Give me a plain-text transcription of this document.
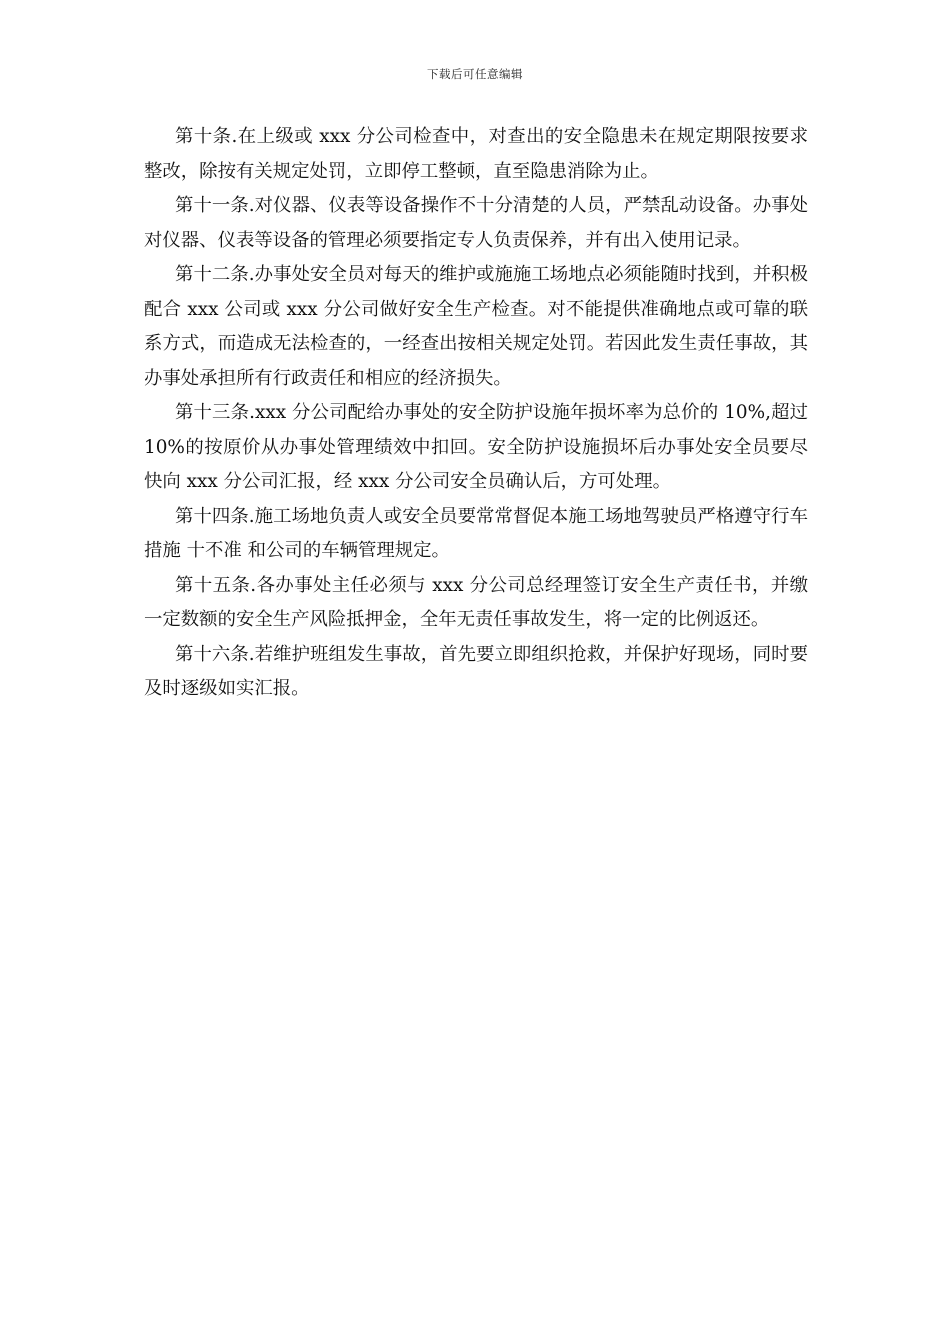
下载后可任意编辑

第十条.在上级或 xxx 分公司检查中，对查出的安全隐患未在规定期限按要求整改，除按有关规定处罚，立即停工整顿，直至隐患消除为止。

第十一条.对仪器、仪表等设备操作不十分清楚的人员，严禁乱动设备。办事处对仪器、仪表等设备的管理必须要指定专人负责保养，并有出入使用记录。

第十二条.办事处安全员对每天的维护或施施工场地点必须能随时找到，并积极配合 xxx 公司或 xxx 分公司做好安全生产检查。对不能提供准确地点或可靠的联系方式，而造成无法检查的，一经查出按相关规定处罚。若因此发生责任事故，其办事处承担所有行政责任和相应的经济损失。

第十三条.xxx 分公司配给办事处的安全防护设施年损坏率为总价的 10%,超过 10%的按原价从办事处管理绩效中扣回。安全防护设施损坏后办事处安全员要尽快向 xxx 分公司汇报，经 xxx 分公司安全员确认后，方可处理。

第十四条.施工场地负责人或安全员要常常督促本施工场地驾驶员严格遵守行车措施 十不准 和公司的车辆管理规定。

第十五条.各办事处主任必须与 xxx 分公司总经理签订安全生产责任书，并缴一定数额的安全生产风险抵押金，全年无责任事故发生，将一定的比例返还。

第十六条.若维护班组发生事故，首先要立即组织抢救，并保护好现场，同时要及时逐级如实汇报。
